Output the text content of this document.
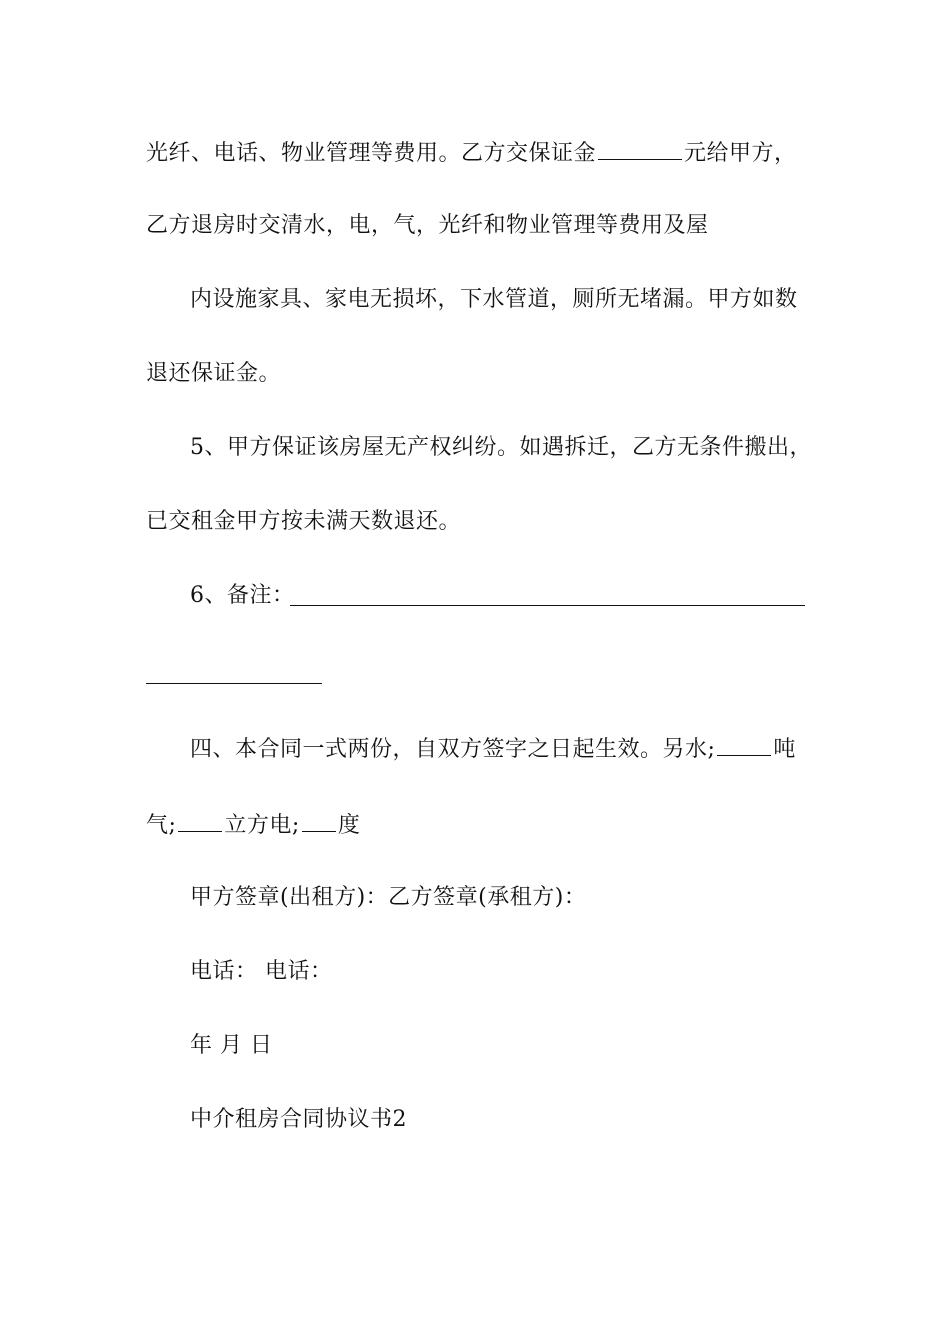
光纤、电话、物业管理等费用。乙方交保证金	元给甲方，
乙方退房时交清水，电，气，光纤和物业管理等费用及屋
内设施家具、家电无损坏，下水管道，厕所无堵漏。甲方如数
退还保证金。
5、甲方保证该房屋无产权纠纷。如遇拆迁，乙方无条件搬出，
已交租金甲方按未满天数退还。
6、备注：
四、本合同一式两份，自双方签字之日起生效。另水;	吨
气; 立方电; 度
甲方签章(出租方)：乙方签章(承租方)：
电话： 电话：
年 月 日
中介租房合同协议书2
